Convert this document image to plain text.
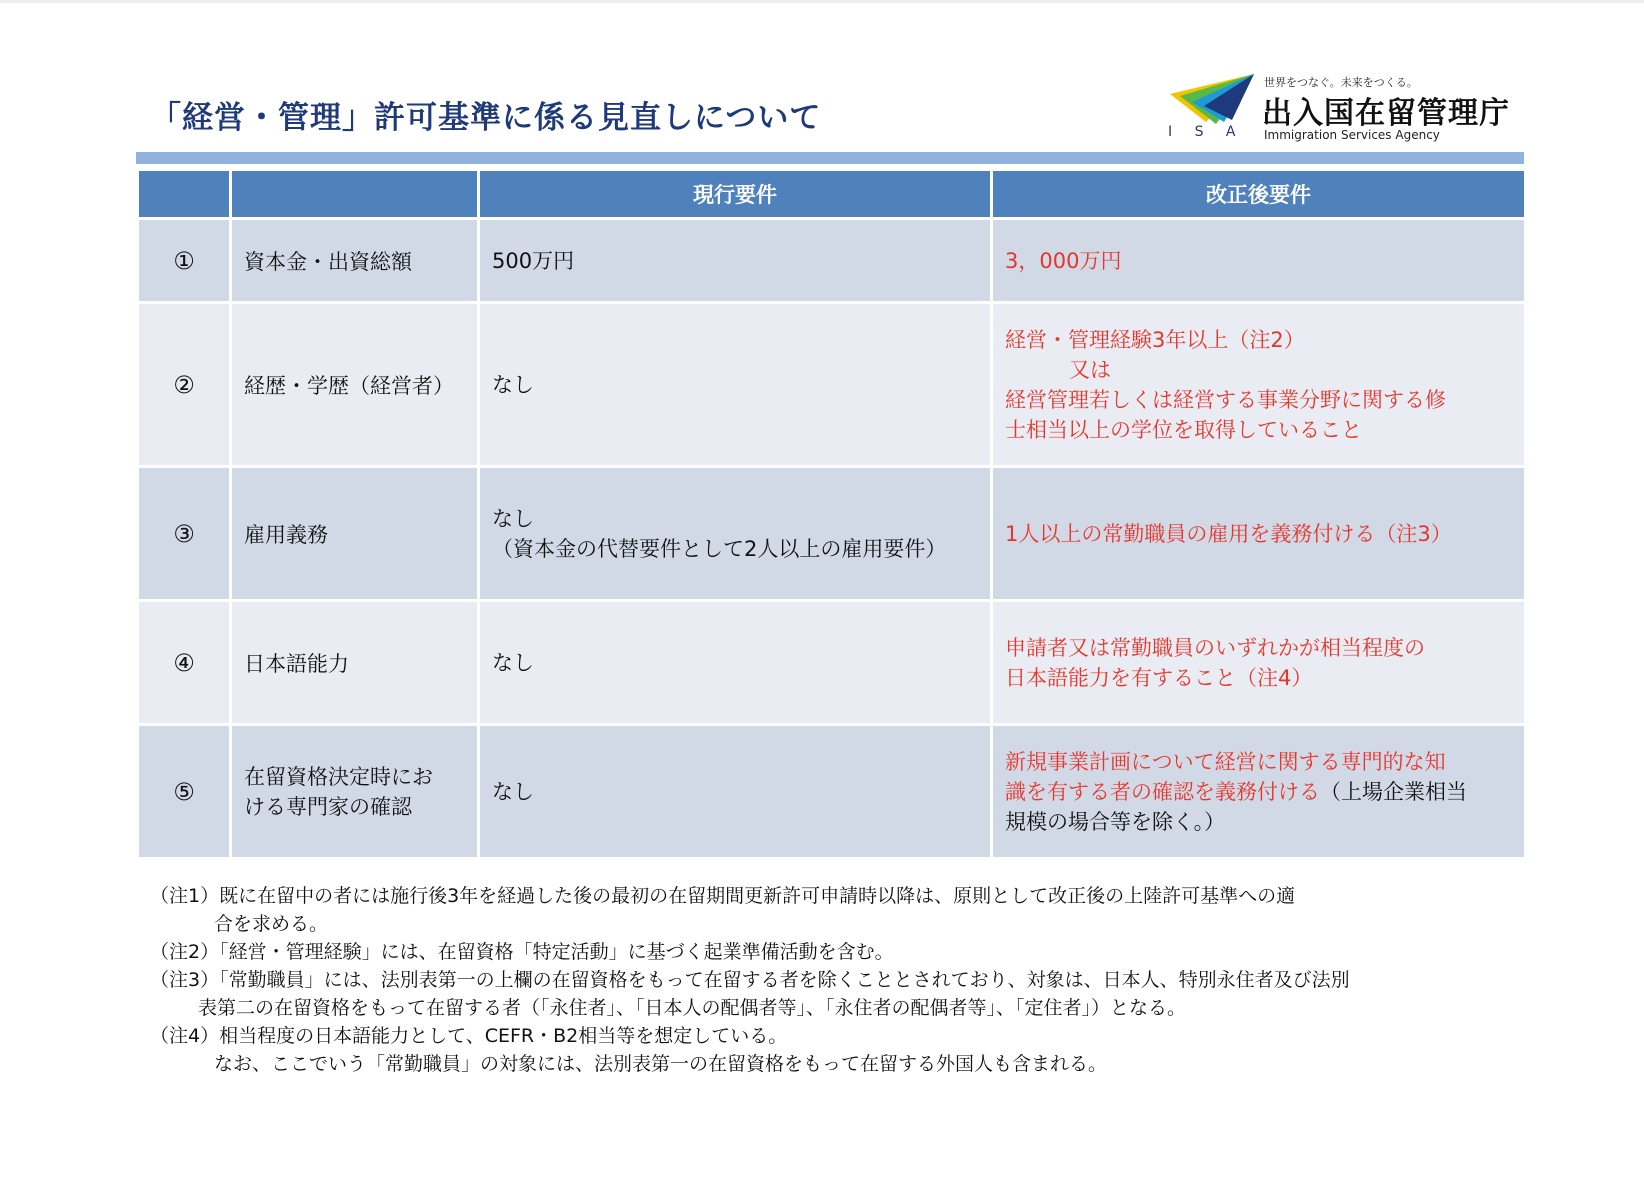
「経営・管理」許可基準に係る見直しについて	I S A
世界をつなぐ。未来をつくる。
出入国在留管理庁
Immigration Services Agency
		現行要件	改正後要件
①	資本金・出資総額	500万円	3，000万円

②	経歴・学歴（経営者）	なし	経営・管理経験3年以上（注2）
又は
経営管理若しくは経営する事業分野に関する修
士相当以上の学位を取得していること

③	雇用義務	なし
（資本金の代替要件として2人以上の雇用要件）	1人以上の常勤職員の雇用を義務付ける（注3）

④	日本語能力	なし	申請者又は常勤職員のいずれかが相当程度の
日本語能力を有すること（注4）

⑤	在留資格決定時にお
ける専門家の確認	なし	新規事業計画について経営に関する専門的な知
識を有する者の確認を義務付ける（上場企業相当
規模の場合等を除く。）
（注1）既に在留中の者には施行後3年を経過した後の最初の在留期間更新許可申請時以降は、原則として改正後の上陸許可基準への適
合を求める。
（注2）「経営・管理経験」には、在留資格「特定活動」に基づく起業準備活動を含む。
（注3）「常勤職員」には、法別表第一の上欄の在留資格をもって在留する者を除くこととされており、対象は、日本人、特別永住者及び法別
表第二の在留資格をもって在留する者（「永住者」、「日本人の配偶者等」、「永住者の配偶者等」、「定住者」）となる。
（注4）相当程度の日本語能力として、CEFR・B2相当等を想定している。
なお、ここでいう「常勤職員」の対象には、法別表第一の在留資格をもって在留する外国人も含まれる。
